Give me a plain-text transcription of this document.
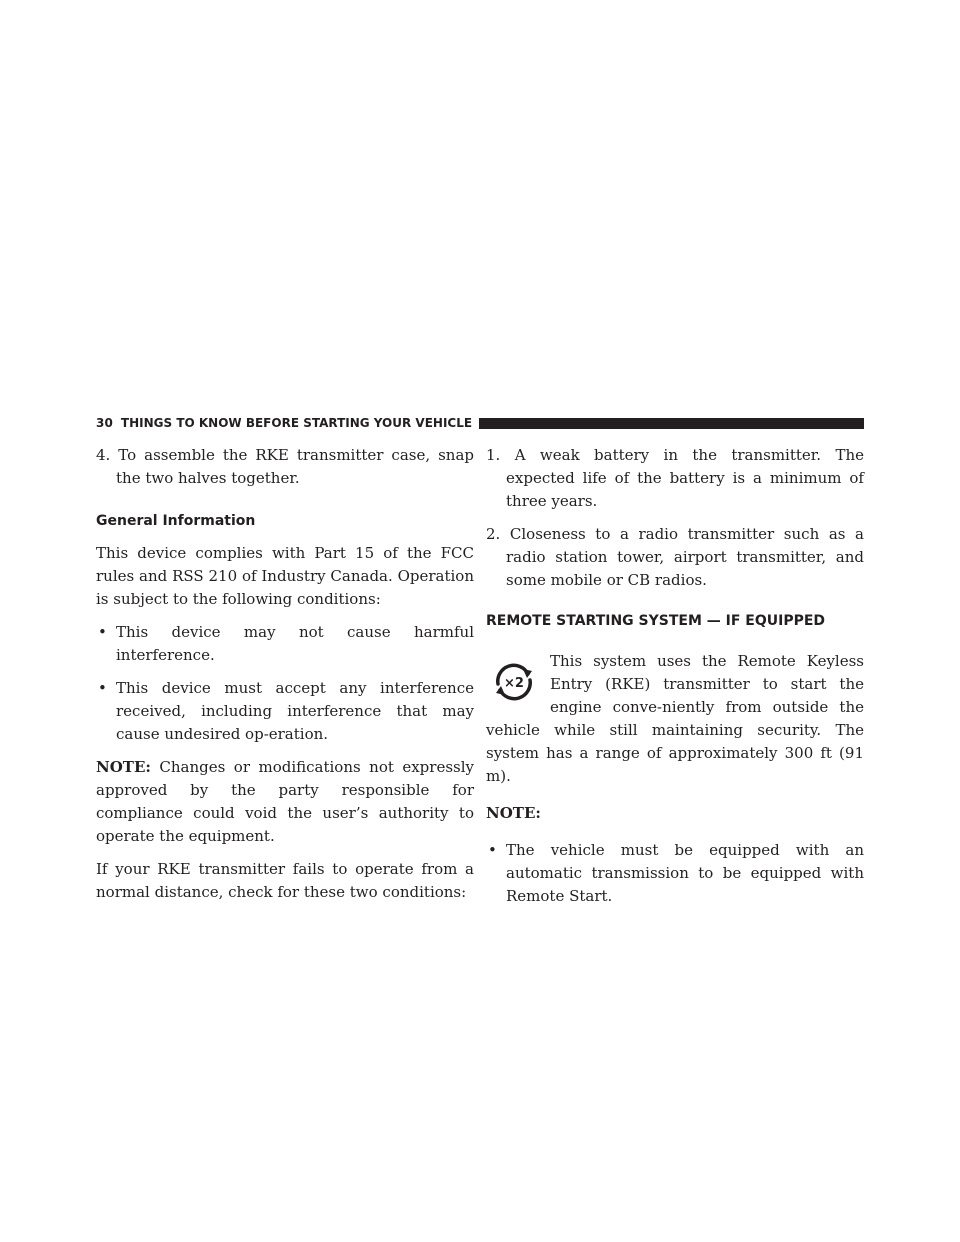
30 THINGS TO KNOW BEFORE STARTING YOUR VEHICLE

4. To assemble the RKE transmitter case, snap the two halves together.

General Information

This device complies with Part 15 of the FCC rules and RSS 210 of Industry Canada. Operation is subject to the following conditions:

• This device may not cause harmful interference.
• This device must accept any interference received, including interference that may cause undesired op-eration.

NOTE: Changes or modifications not expressly approved by the party responsible for compliance could void the user’s authority to operate the equipment.

If your RKE transmitter fails to operate from a normal distance, check for these two conditions:

1. A weak battery in the transmitter. The expected life of the battery is a minimum of three years.

2. Closeness to a radio transmitter such as a radio station tower, airport transmitter, and some mobile or CB radios.

REMOTE STARTING SYSTEM — IF EQUIPPED
×2

This system uses the Remote Keyless Entry (RKE) transmitter to start the engine conve-niently from outside the vehicle while still maintaining security. The system has a range of approximately 300 ft (91 m).

NOTE:

• The vehicle must be equipped with an automatic transmission to be equipped with Remote Start.
